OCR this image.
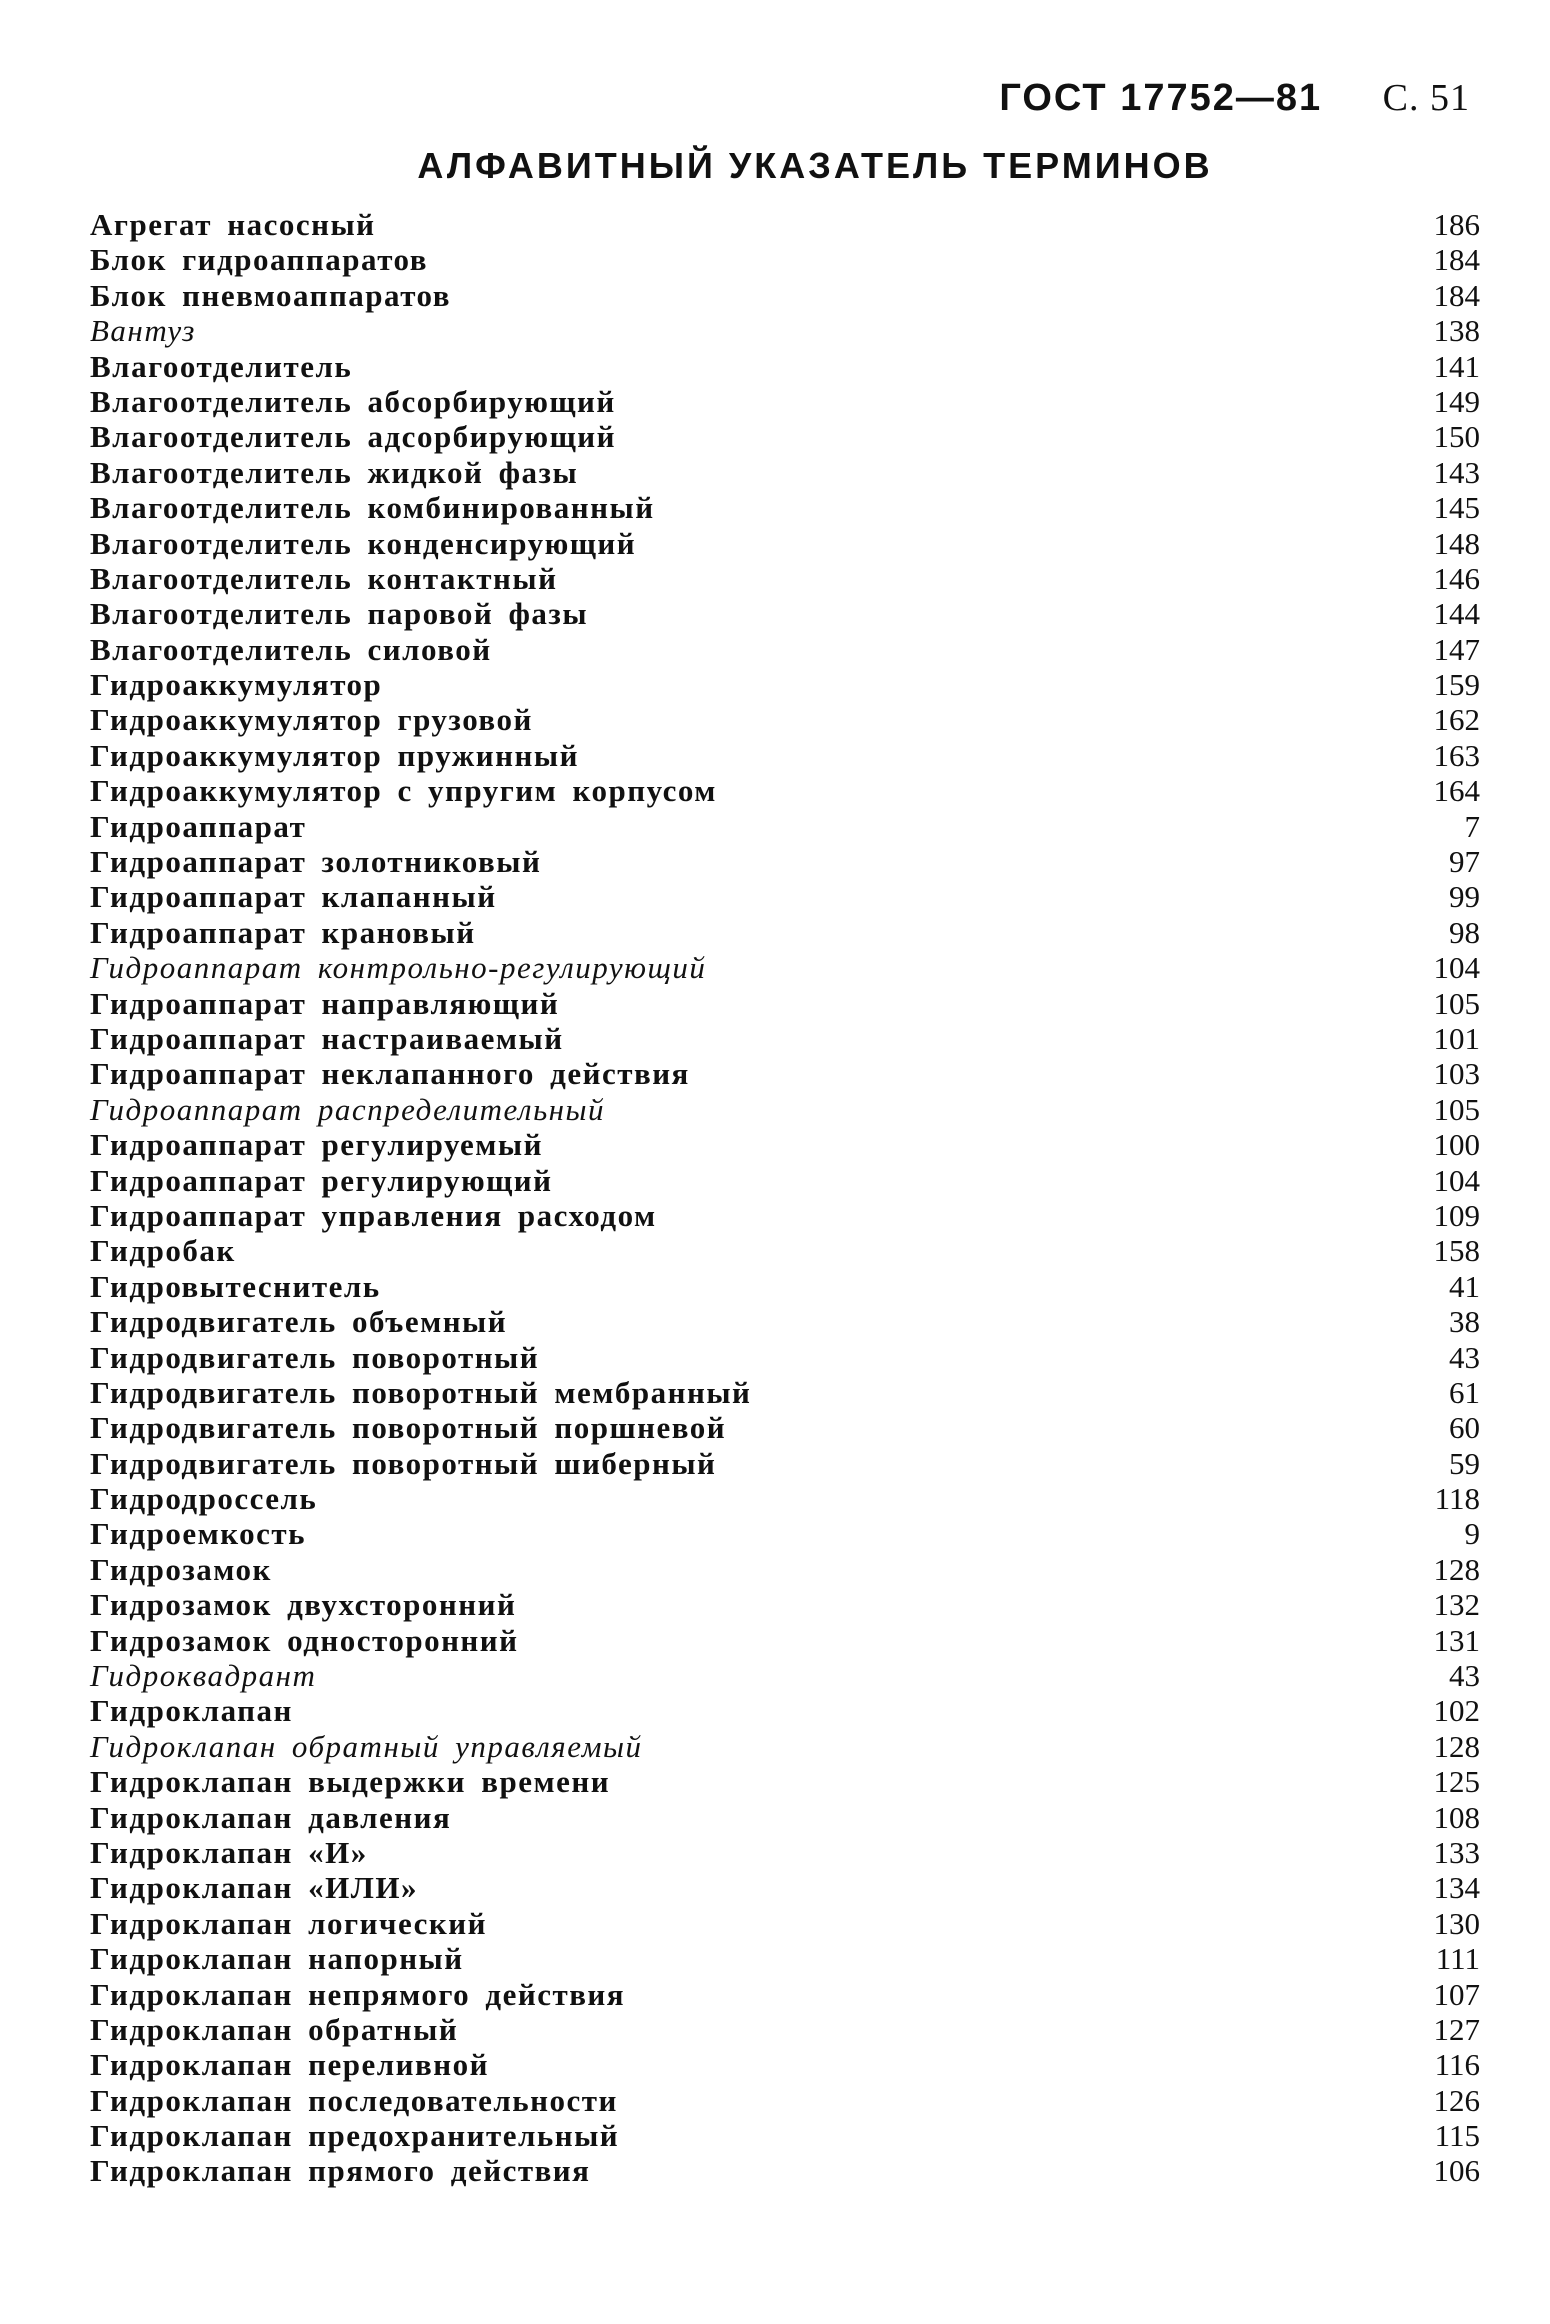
ГОСТ 17752—81 С. 51
АЛФАВИТНЫЙ УКАЗАТЕЛЬ ТЕРМИНОВ
Агрегат насосный	186
Блок гидроаппаратов	184
Блок пневмоаппаратов	184
Вантуз	138
Влагоотделитель	141
Влагоотделитель абсорбирующий	149
Влагоотделитель адсорбирующий	150
Влагоотделитель жидкой фазы	143
Влагоотделитель комбинированный	145
Влагоотделитель конденсирующий	148
Влагоотделитель контактный	146
Влагоотделитель паровой фазы	144
Влагоотделитель силовой	147
Гидроаккумулятор	159
Гидроаккумулятор грузовой	162
Гидроаккумулятор пружинный	163
Гидроаккумулятор с упругим корпусом	164
Гидроаппарат	7
Гидроаппарат золотниковый	97
Гидроаппарат клапанный	99
Гидроаппарат крановый	98
Гидроаппарат контрольно-регулирующий	104
Гидроаппарат направляющий	105
Гидроаппарат настраиваемый	101
Гидроаппарат неклапанного действия	103
Гидроаппарат распределительный	105
Гидроаппарат регулируемый	100
Гидроаппарат регулирующий	104
Гидроаппарат управления расходом	109
Гидробак	158
Гидровытеснитель	41
Гидродвигатель объемный	38
Гидродвигатель поворотный	43
Гидродвигатель поворотный мембранный	61
Гидродвигатель поворотный поршневой	60
Гидродвигатель поворотный шиберный	59
Гидродроссель	118
Гидроемкость	9
Гидрозамок	128
Гидрозамок двухсторонний	132
Гидрозамок односторонний	131
Гидроквадрант	43
Гидроклапан	102
Гидроклапан обратный управляемый	128
Гидроклапан выдержки времени	125
Гидроклапан давления	108
Гидроклапан «И»	133
Гидроклапан «ИЛИ»	134
Гидроклапан логический	130
Гидроклапан напорный	111
Гидроклапан непрямого действия	107
Гидроклапан обратный	127
Гидроклапан переливной	116
Гидроклапан последовательности	126
Гидроклапан предохранительный	115
Гидроклапан прямого действия	106
